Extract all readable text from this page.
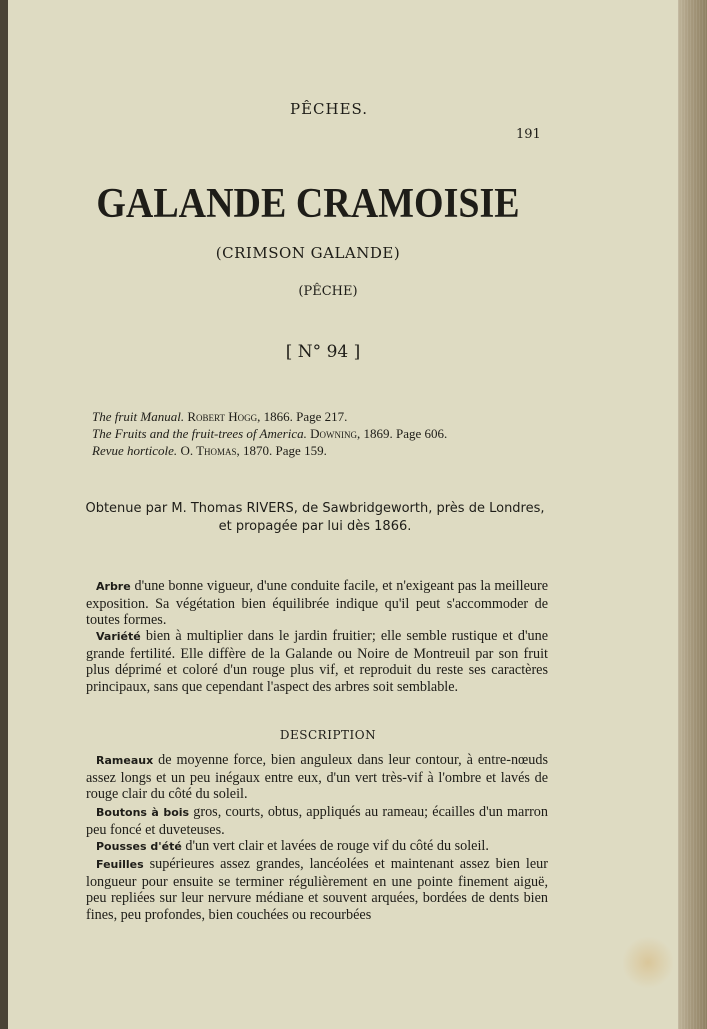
PÊCHES.
191
GALANDE CRAMOISIE
(CRIMSON GALANDE)
(PÊCHE)
[ N° 94 ]
The fruit Manual. Robert Hogg, 1866. Page 217.
The Fruits and the fruit-trees of America. Downing, 1869. Page 606.
Revue horticole. O. Thomas, 1870. Page 159.
Obtenue par M. Thomas RIVERS, de Sawbridgeworth, près de Londres, et propagée par lui dès 1866.

Arbre d'une bonne vigueur, d'une conduite facile, et n'exigeant pas la meilleure exposition. Sa végétation bien équilibrée indique qu'il peut s'accommoder de toutes formes.

Variété bien à multiplier dans le jardin fruitier; elle semble rustique et d'une grande fertilité. Elle diffère de la Galande ou Noire de Montreuil par son fruit plus déprimé et coloré d'un rouge plus vif, et reproduit du reste ses caractères principaux, sans que cependant l'aspect des arbres soit semblable.

DESCRIPTION

Rameaux de moyenne force, bien anguleux dans leur contour, à entre-nœuds assez longs et un peu inégaux entre eux, d'un vert très-vif à l'ombre et lavés de rouge clair du côté du soleil.

Boutons à bois gros, courts, obtus, appliqués au rameau; écailles d'un marron peu foncé et duveteuses.

Pousses d'été d'un vert clair et lavées de rouge vif du côté du soleil.

Feuilles supérieures assez grandes, lancéolées et maintenant assez bien leur longueur pour ensuite se terminer régulièrement en une pointe finement aiguë, peu repliées sur leur nervure médiane et souvent arquées, bordées de dents bien fines, peu profondes, bien couchées ou recourbées
